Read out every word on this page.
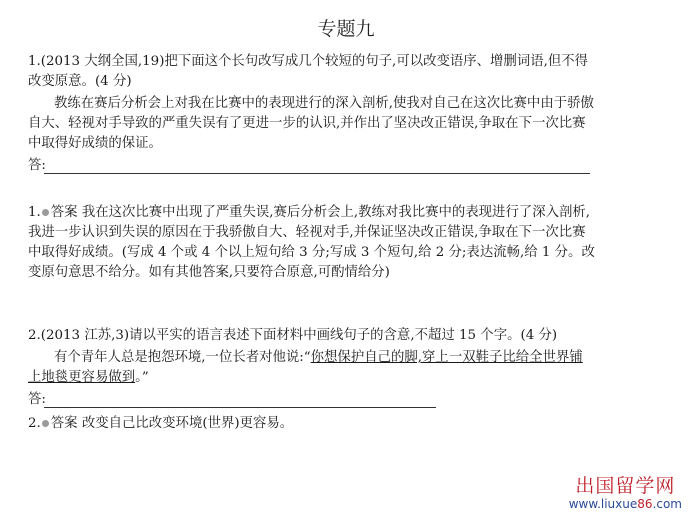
专题九
1.(2013 大纲全国,19)把下面这个长句改写成几个较短的句子,可以改变语序、增删词语,但不得改变原意。(4 分)
教练在赛后分析会上对我在比赛中的表现进行的深入剖析,使我对自己在这次比赛中由于骄傲自大、轻视对手导致的严重失误有了更进一步的认识,并作出了坚决改正错误,争取在下一次比赛中取得好成绩的保证。
答:
1. 答案 我在这次比赛中出现了严重失误,赛后分析会上,教练对我比赛中的表现进行了深入剖析,我进一步认识到失误的原因在于我骄傲自大、轻视对手,并保证坚决改正错误,争取在下一次比赛中取得好成绩。(写成 4 个或 4 个以上短句给 3 分;写成 3 个短句,给 2 分;表达流畅,给 1 分。改变原句意思不给分。如有其他答案,只要符合原意,可酌情给分)
2.(2013 江苏,3)请以平实的语言表述下面材料中画线句子的含意,不超过 15 个字。(4 分)
有个青年人总是抱怨环境,一位长者对他说:“你想保护自己的脚,穿上一双鞋子比给全世界铺上地毯更容易做到。”
答:
2. 答案 改变自己比改变环境(世界)更容易。
出国留学网
www.liuxue86.com
